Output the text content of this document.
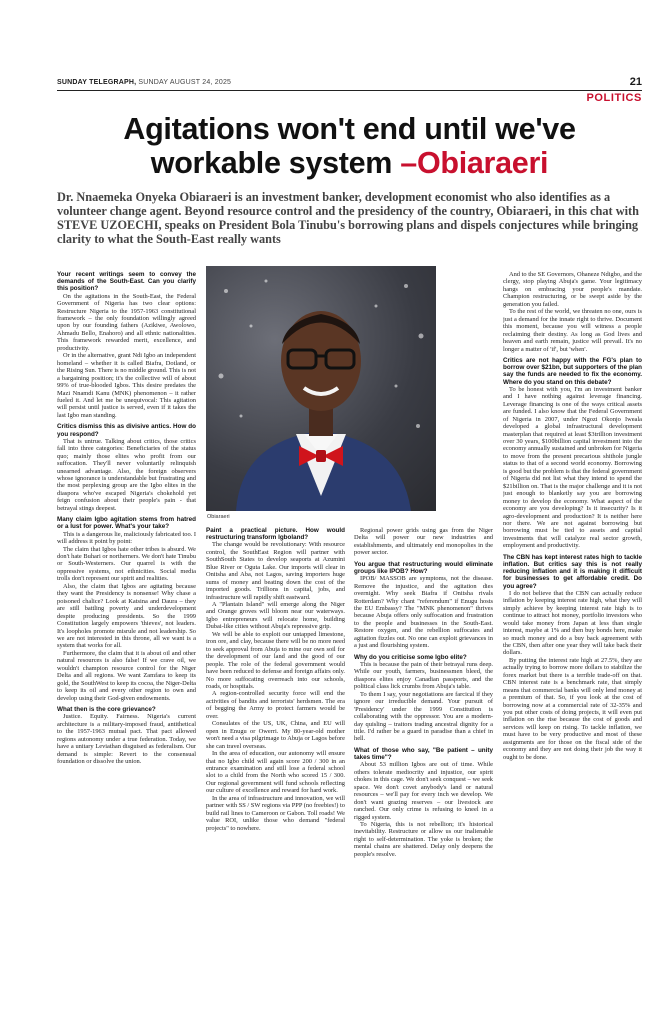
SUNDAY TELEGRAPH, SUNDAY AUGUST 24, 2025	21
POLITICS
Agitations won't end until we've
workable system –Obiaraeri
Dr. Nnaemeka Onyeka Obiaraeri is an investment banker, development economist who also identifies as a volunteer change agent. Beyond resource control and the presidency of the country, Obiaraeri, in this chat with STEVE UZOECHI, speaks on President Bola Tinubu's borrowing plans and dispels conjectures while bringing clarity to what the South-East really wants
Obiaraeri

Your recent writings seem to convey the demands of the South-East. Can you clarify this position?

On the agitations in the South-East, the Federal Government of Nigeria has two clear options: Restructure Nigeria to the 1957-1963 constitutional framework – the only foundation willingly agreed upon by our founding fathers (Azikiwe, Awolowo, Ahmadu Bello, Enahoro) and all ethnic nationalities. This framework rewarded merit, excellence, and productivity.

Or in the alternative, grant Ndi Igbo an independent homeland – whether it is called Biafra, Dotland, or the Rising Sun. There is no middle ground. This is not a bargaining position; it's the collective will of about 99% of true-blooded Igbos. This desire predates the Mazi Nnamdi Kanu (MNK) phenomenon – it rather fueled it. And let me be unequivocal: This agitation will persist until justice is served, even if it takes the last Igbo man standing.

Critics dismiss this as divisive antics. How do you respond?

That is untrue. Talking about critics, those critics fall into three categories: Beneficiaries of the status quo; mainly those elites who profit from our suffocation. They'll never voluntarily relinquish unearned advantage. Also, the foreign observers whose ignorance is understandable but frustrating and the most perplexing group are the Igbo elites in the diaspora who've escaped Nigeria's chokehold yet feign confusion about their people's pain - that betrayal stings deepest.

Many claim Igbo agitation stems from hatred or a lust for power. What's your take?

This is a dangerous lie, maliciously fabricated too. I will address it point by point:

The claim that Igbos hate other tribes is absurd. We don't hate Buhari or northerners. We don't hate Tinubu or South-Westerners. Our quarrel is with the oppressive systems, not ethnicities. Social media trolls don't represent our spirit and realities.

Also, the claim that Igbos are agitating because they want the Presidency is nonsense! Why chase a poisoned chalice? Look at Katsina and Daura – they are still battling poverty and underdevelopment despite producing presidents. So the 1999 Constitution largely empowers 'thieves', not leaders. It's loopholes promote misrule and not leadership. So we are not interested in this throne, all we want is a system that works for all.

Furthermore, the claim that it is about oil and other natural resources is also false! If we crave oil, we wouldn't champion resource control for the Niger Delta and all regions. We want Zamfara to keep its gold, the SouthWest to keep its cocoa, the Niger-Delta to keep its oil and every other region to own and develop using their God-given endowments.

What then is the core grievance?

Justice. Equity. Fairness. Nigeria's current architecture is a military-imposed fraud, antithetical to the 1957-1963 mutual pact. That pact allowed regions autonomy under a true federation. Today, we have a unitary Leviathan disguised as federalism. Our demand is simple: Revert to the consensual foundation or dissolve the union.

Paint a practical picture. How would restructuring transform Igboland?

The change would be revolutionary: With resource control, the SouthEast Region will partner with SouthSouth States to develop seaports at Azumini Blue River or Oguta Lake. Our imports will clear in Onitsha and Aba, not Lagos, saving importers huge sums of money and beating down the cost of the imported goods. Trillions in capital, jobs, and infrastructure will rapidly shift eastward.

A "Plantain Island" will emerge along the Niger and Orange groves will bloom near our waterways. Igbo entrepreneurs will relocate home, building Dubai-like cities without Abuja's repressive grip.

We will be able to exploit our untapped limestone, iron ore, and clay, because there will be no more need to seek approval from Abuja to mine our own soil for the development of our land and the good of our people. The role of the federal government would have been reduced to defense and foreign affairs only. No more suffocating overreach into our schools, roads, or hospitals.

A region-controlled security force will end the activities of bandits and terrorists' herdsmen. The era of begging the Army to protect farmers would be over.

Consulates of the US, UK, China, and EU will open in Enugu or Owerri. My 80-year-old mother won't need a visa pilgrimage to Abuja or Lagos before she can travel overseas.

In the area of education, our autonomy will ensure that no Igbo child will again score 200 / 300 in an entrance examination and still lose a federal school slot to a child from the North who scored 15 / 300. Our regional government will fund schools reflecting our culture of excellence and reward for hard work.

In the area of infrastructure and innovation, we will partner with SS / SW regions via PPP (no freebies!) to build rail lines to Cameroon or Gabon. Toll roads! We value ROI, unlike those who demand "federal projects" to nowhere.

Regional power grids using gas from the Niger Delta will power our new industries and establishments, and ultimately end monopolies in the power sector.

You argue that restructuring would eliminate groups like IPOB? How?

IPOB/ MASSOB are symptoms, not the disease. Remove the injustice, and the agitation dies overnight. Why seek Biafra if Onitsha rivals Rotterdam? Why chant "referendum" if Enugu hosts the EU Embassy? The "MNK phenomenon" thrives because Abuja offers only suffocation and frustration to the people and businesses in the South-East. Restore oxygen, and the rebellion suffocates and agitation fizzles out. No one can exploit grievances in a just and flourishing system.

Why do you criticise some Igbo elite?

This is because the pain of their betrayal runs deep. While our youth, farmers, businessmen bleed, the diaspora elites enjoy Canadian passports, and the political class lick crumbs from Abuja's table.

To them I say, your negotiations are farcical if they ignore our irreducible demand. Your pursuit of 'Presidency' under the 1999 Constitution is collaborating with the oppressor. You are a modern-day quisling – traitors trading ancestral dignity for a title. I'd rather be a guard in paradise than a chief in hell.

What of those who say, "Be patient – unity takes time"?

About 53 million Igbos are out of time. While others tolerate mediocrity and injustice, our spirit chokes in this cage. We don't seek conquest – we seek space. We don't covet anybody's land or natural resources – we'll pay for every inch we develop. We don't want grazing reserves – our livestock are ranched. Our only crime is refusing to kneel in a rigged system.

To Nigeria, this is not rebellion; it's historical inevitability. Restructure or allow us our inalienable right to self-determination. The yoke is broken; the mental chains are shattered. Delay only deepens the people's resolve.

And to the SE Governors, Ohaneze Ndigbo, and the clergy, stop playing Abuja's game. Your legitimacy hangs on embracing your people's mandate. Champion restructuring, or be swept aside by the generation you failed.

To the rest of the world, we threaten no one, ours is just a demand for the innate right to thrive. Document this moment, because you will witness a people reclaiming their destiny. As long as God lives and heaven and earth remain, justice will prevail. It's no longer a matter of 'if', but 'when'.

Critics are not happy with the FG's plan to borrow over $21bn, but supporters of the plan say the funds are needed to fix the economy. Where do you stand on this debate?

To be honest with you, I'm an investment banker and I have nothing against leverage financing. Leverage financing is one of the ways critical assets are funded. I also know that the Federal Government of Nigeria in 2007, under Ngozi Okonjo Iweala developed a global infrastructural development masterplan that required at least $3trillion investment over 30 years, $100billion capital investment into the economy annually sustained and unbroken for Nigeria to move from the present precarious shithole jungle status to that of a second world economy. Borrowing is good but the problem is that the federal government of Nigeria did not list what they intend to spend the $21billion on. That is the major challenge and it is not just enough to blanketly say you are borrowing money to develop the economy. What aspect of the economy are you developing? Is it insecurity? Is it agro-development and production? It is neither here nor there. We are not against borrowing but borrowing must be tied to assets and capital investments that will catalyze real sector growth, employment and productivity.

The CBN has kept interest rates high to tackle inflation. But critics say this is not really reducing inflation and it is making it difficult for businesses to get affordable credit. Do you agree?

I do not believe that the CBN can actually reduce inflation by keeping interest rate high, what they will simply achieve by keeping interest rate high is to continue to attract hot money, portfolio investors who would take money from Japan at less than single interest, maybe at 1% and then buy bonds here, make so much money and do a buy back agreement with the CBN, then after one year they will take back their dollars.

By putting the interest rate high at 27.5%, they are actually trying to borrow more dollars to stabilize the forex market but there is a terrible trade-off on that. CBN interest rate is a benchmark rate, that simply means that commercial banks will only lend money at a premium of that. So, if you look at the cost of borrowing now at a commercial rate of 32-35% and you put other costs of doing projects, it will even put inflation on the rise because the cost of goods and services will keep on rising. To tackle inflation, we must have to be very productive and most of these assignments are for those on the fiscal side of the economy and they are not doing their job the way it ought to be done.
